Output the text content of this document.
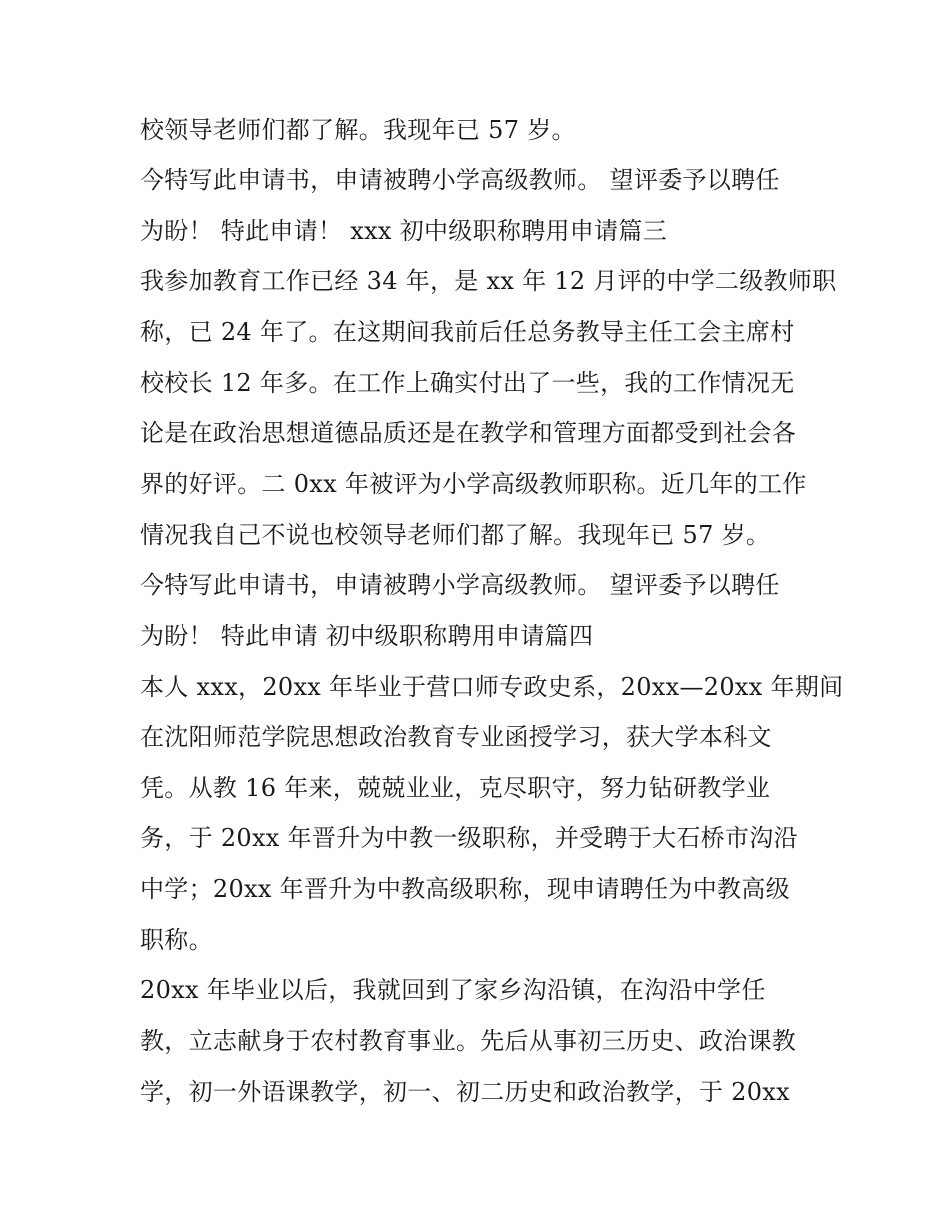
校领导老师们都了解。我现年已 57 岁。
今特写此申请书，申请被聘小学高级教师。 望评委予以聘任
为盼！ 特此申请！ xxx 初中级职称聘用申请篇三
我参加教育工作已经 34 年，是 xx 年 12 月评的中学二级教师职
称，已 24 年了。在这期间我前后任总务教导主任工会主席村
校校长 12 年多。在工作上确实付出了一些，我的工作情况无
论是在政治思想道德品质还是在教学和管理方面都受到社会各
界的好评。二 0xx 年被评为小学高级教师职称。近几年的工作
情况我自己不说也校领导老师们都了解。我现年已 57 岁。
今特写此申请书，申请被聘小学高级教师。 望评委予以聘任
为盼！ 特此申请 初中级职称聘用申请篇四
本人 xxx，20xx 年毕业于营口师专政史系，20xx—20xx 年期间
在沈阳师范学院思想政治教育专业函授学习，获大学本科文
凭。从教 16 年来，兢兢业业，克尽职守，努力钻研教学业
务，于 20xx 年晋升为中教一级职称，并受聘于大石桥市沟沿
中学；20xx 年晋升为中教高级职称，现申请聘任为中教高级
职称。
20xx 年毕业以后，我就回到了家乡沟沿镇，在沟沿中学任
教，立志献身于农村教育事业。先后从事初三历史、政治课教
学，初一外语课教学，初一、初二历史和政治教学，于 20xx
